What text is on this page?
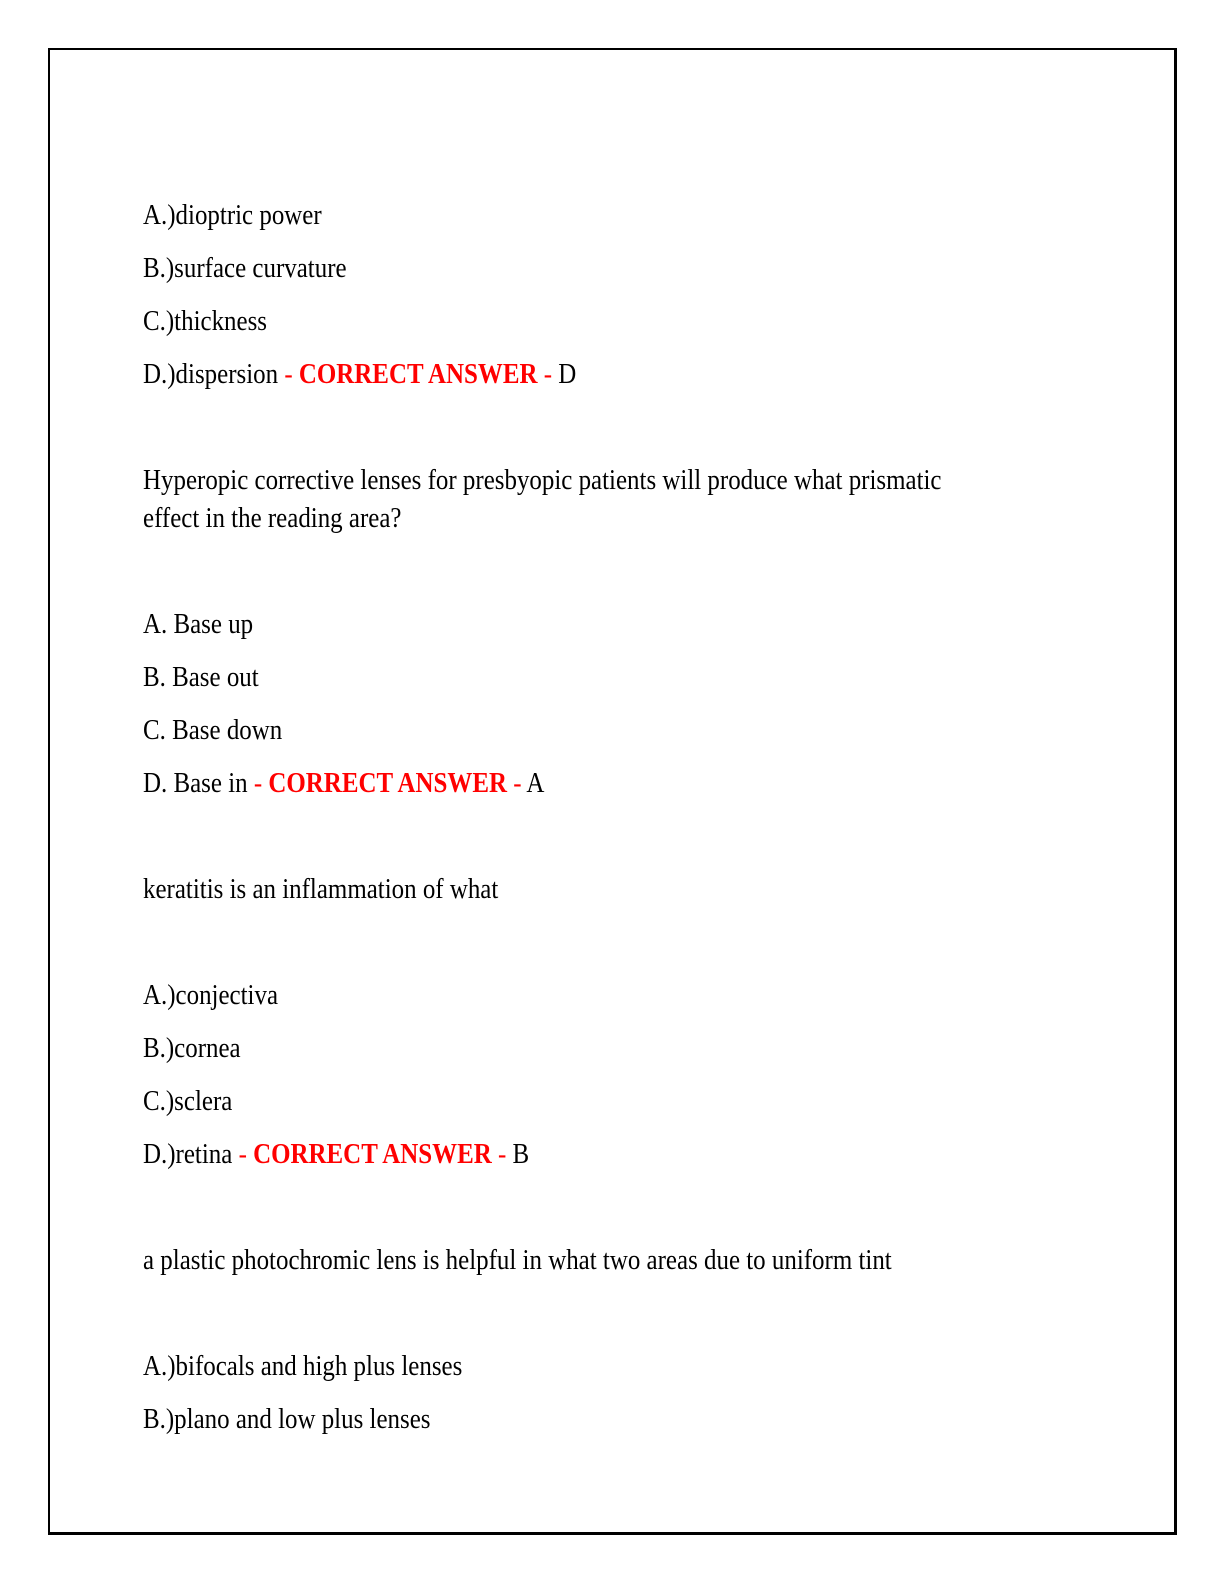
A.)dioptric power
B.)surface curvature
C.)thickness
D.)dispersion - CORRECT ANSWER - D
Hyperopic corrective lenses for presbyopic patients will produce what prismatic
effect in the reading area?
A. Base up
B. Base out
C. Base down
D. Base in - CORRECT ANSWER - A
keratitis is an inflammation of what
A.)conjectiva
B.)cornea
C.)sclera
D.)retina - CORRECT ANSWER - B
a plastic photochromic lens is helpful in what two areas due to uniform tint
A.)bifocals and high plus lenses
B.)plano and low plus lenses
